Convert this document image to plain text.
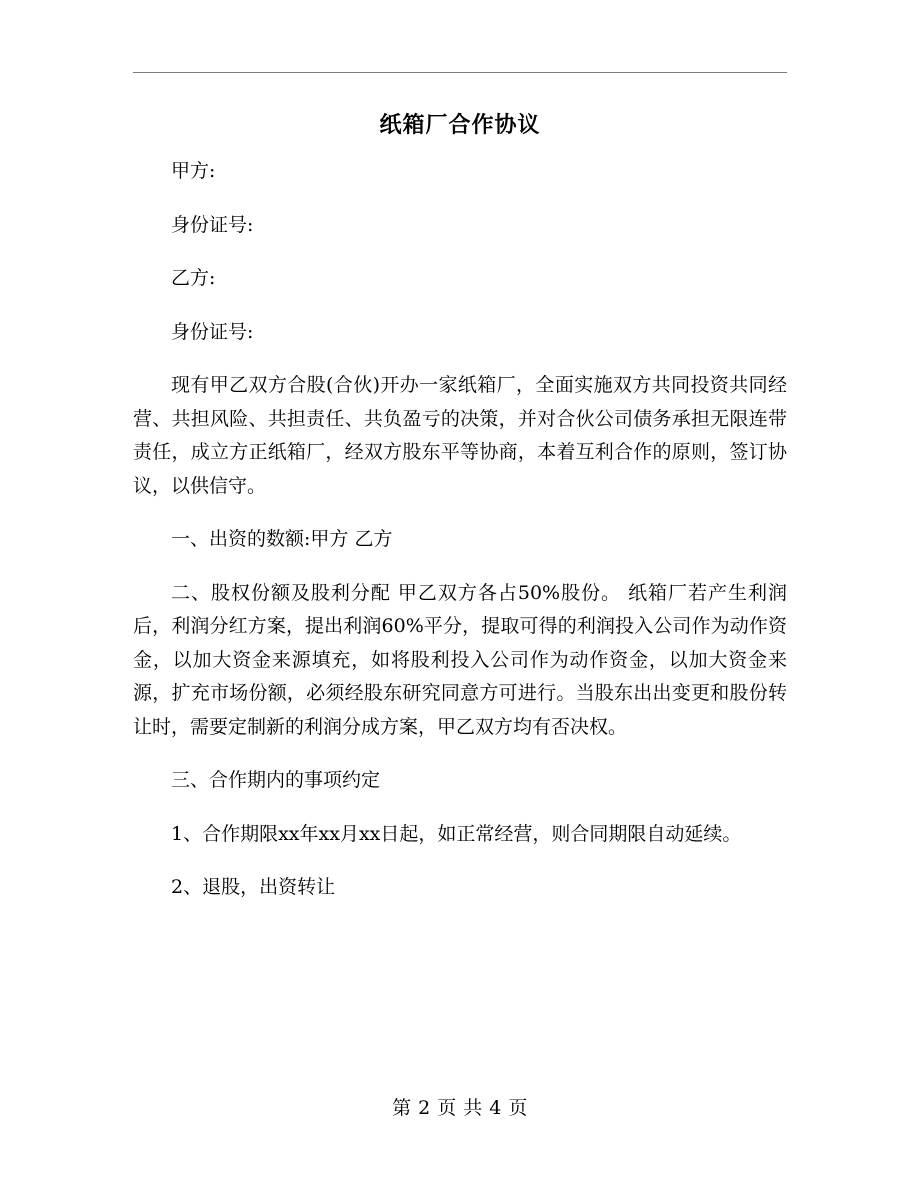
纸箱厂合作协议

甲方:

身份证号:

乙方:

身份证号:

现有甲乙双方合股(合伙)开办一家纸箱厂，全面实施双方共同投资共同经营、共担风险、共担责任、共负盈亏的决策，并对合伙公司债务承担无限连带责任，成立方正纸箱厂，经双方股东平等协商，本着互利合作的原则，签订协议，以供信守。

一、出资的数额:甲方 乙方

二、股权份额及股利分配 甲乙双方各占50%股份。 纸箱厂若产生利润后，利润分红方案，提出利润60%平分，提取可得的利润投入公司作为动作资金，以加大资金来源填充，如将股利投入公司作为动作资金，以加大资金来源，扩充市场份额，必须经股东研究同意方可进行。当股东出出变更和股份转让时，需要定制新的利润分成方案，甲乙双方均有否决权。

三、合作期内的事项约定

1、合作期限xx年xx月xx日起，如正常经营，则合同期限自动延续。

2、退股，出资转让

第 2 页 共 4 页
